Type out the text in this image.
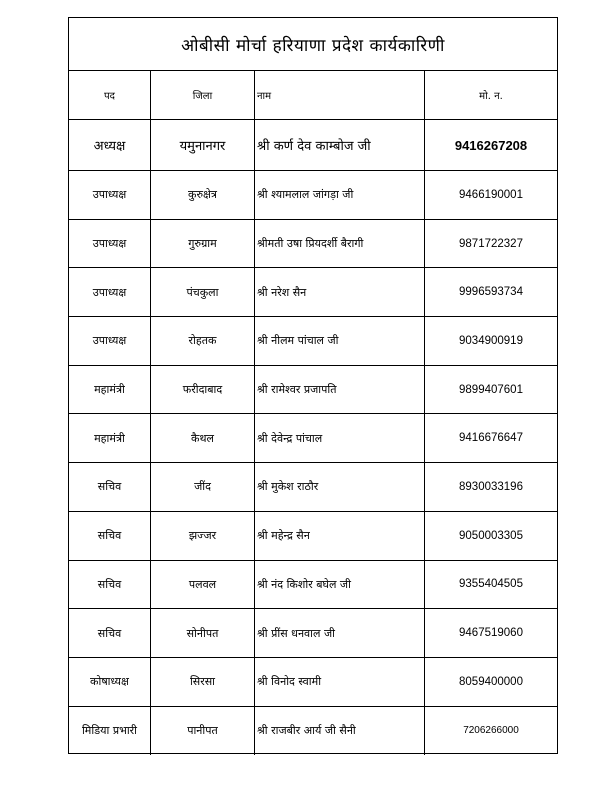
ओबीसी मोर्चा हरियाणा प्रदेश कार्यकारिणी
पद	जिला	नाम	मो. न.
अध्यक्ष	यमुनानगर	श्री कर्ण देव काम्बोज जी	9416267208
उपाध्यक्ष	कुरुक्षेत्र	श्री श्यामलाल जांगड़ा जी	9466190001
उपाध्यक्ष	गुरुग्राम	श्रीमती उषा प्रियदर्शी बैरागी	9871722327
उपाध्यक्ष	पंचकुला	श्री नरेश सैन	9996593734
उपाध्यक्ष	रोहतक	श्री नीलम पांचाल जी	9034900919
महामंत्री	फरीदाबाद	श्री रामेश्वर प्रजापति	9899407601
महामंत्री	कैथल	श्री देवेन्द्र पांचाल	9416676647
सचिव	जींद	श्री मुकेश राठौर	8930033196
सचिव	झज्जर	श्री महेन्द्र सैन	9050003305
सचिव	पलवल	श्री नंद किशोर बघेल जी	9355404505
सचिव	सोनीपत	श्री प्रींस धनवाल जी	9467519060
कोषाध्यक्ष	सिरसा	श्री विनोद स्वामी	8059400000
मिडिया प्रभारी	पानीपत	श्री राजबीर आर्य जी सैनी	7206266000
